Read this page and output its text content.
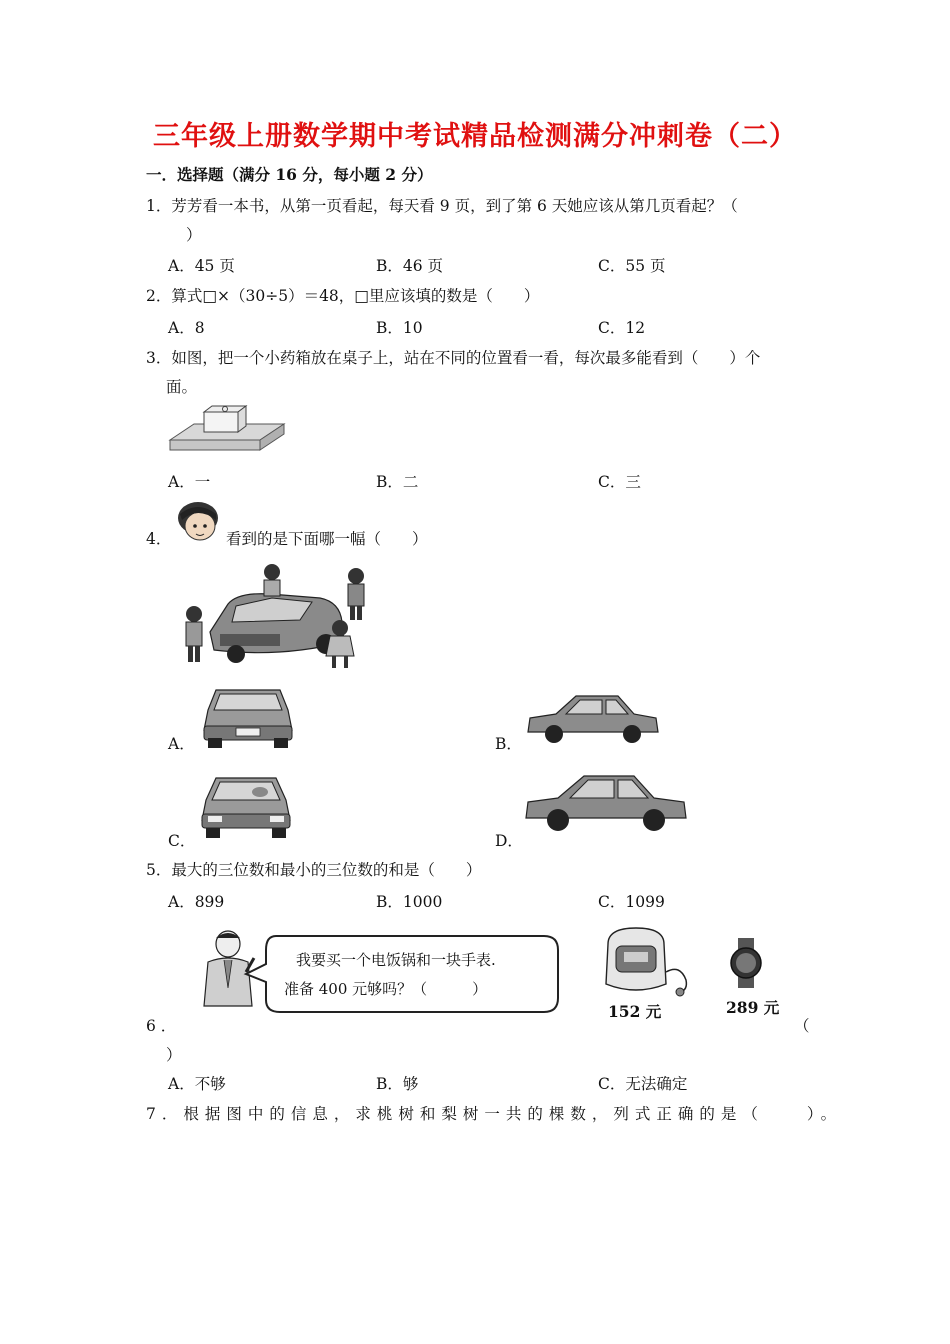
三年级上册数学期中考试精品检测满分冲刺卷（二）
一．选择题（满分 16 分，每小题 2 分）
1．芳芳看一本书，从第一页看起，每天看 9 页，到了第 6 天她应该从第几页看起？（
）
A．45 页	B．46 页	C．55 页
2．算式□×（30÷5）＝48，□里应该填的数是（　　）
A．8	B．10	C．12
3．如图，把一个小药箱放在桌子上，站在不同的位置看一看，每次最多能看到（　　）个
面。
A．一	B．二	C．三
4．	看到的是下面哪一幅（　　）
A．	B．
C．	D．
5．最大的三位数和最小的三位数的和是（　　）
A．899	B．1000	C．1099
我要买一个电饭锅和一块手表.
准备 400 元够吗？（　　　）
152 元	289 元
6 ．	（
）
A．不够	B．够	C．无法确定
7．根据图中的信息，求桃树和梨树一共的棵数，列式正确的是（　　）。
